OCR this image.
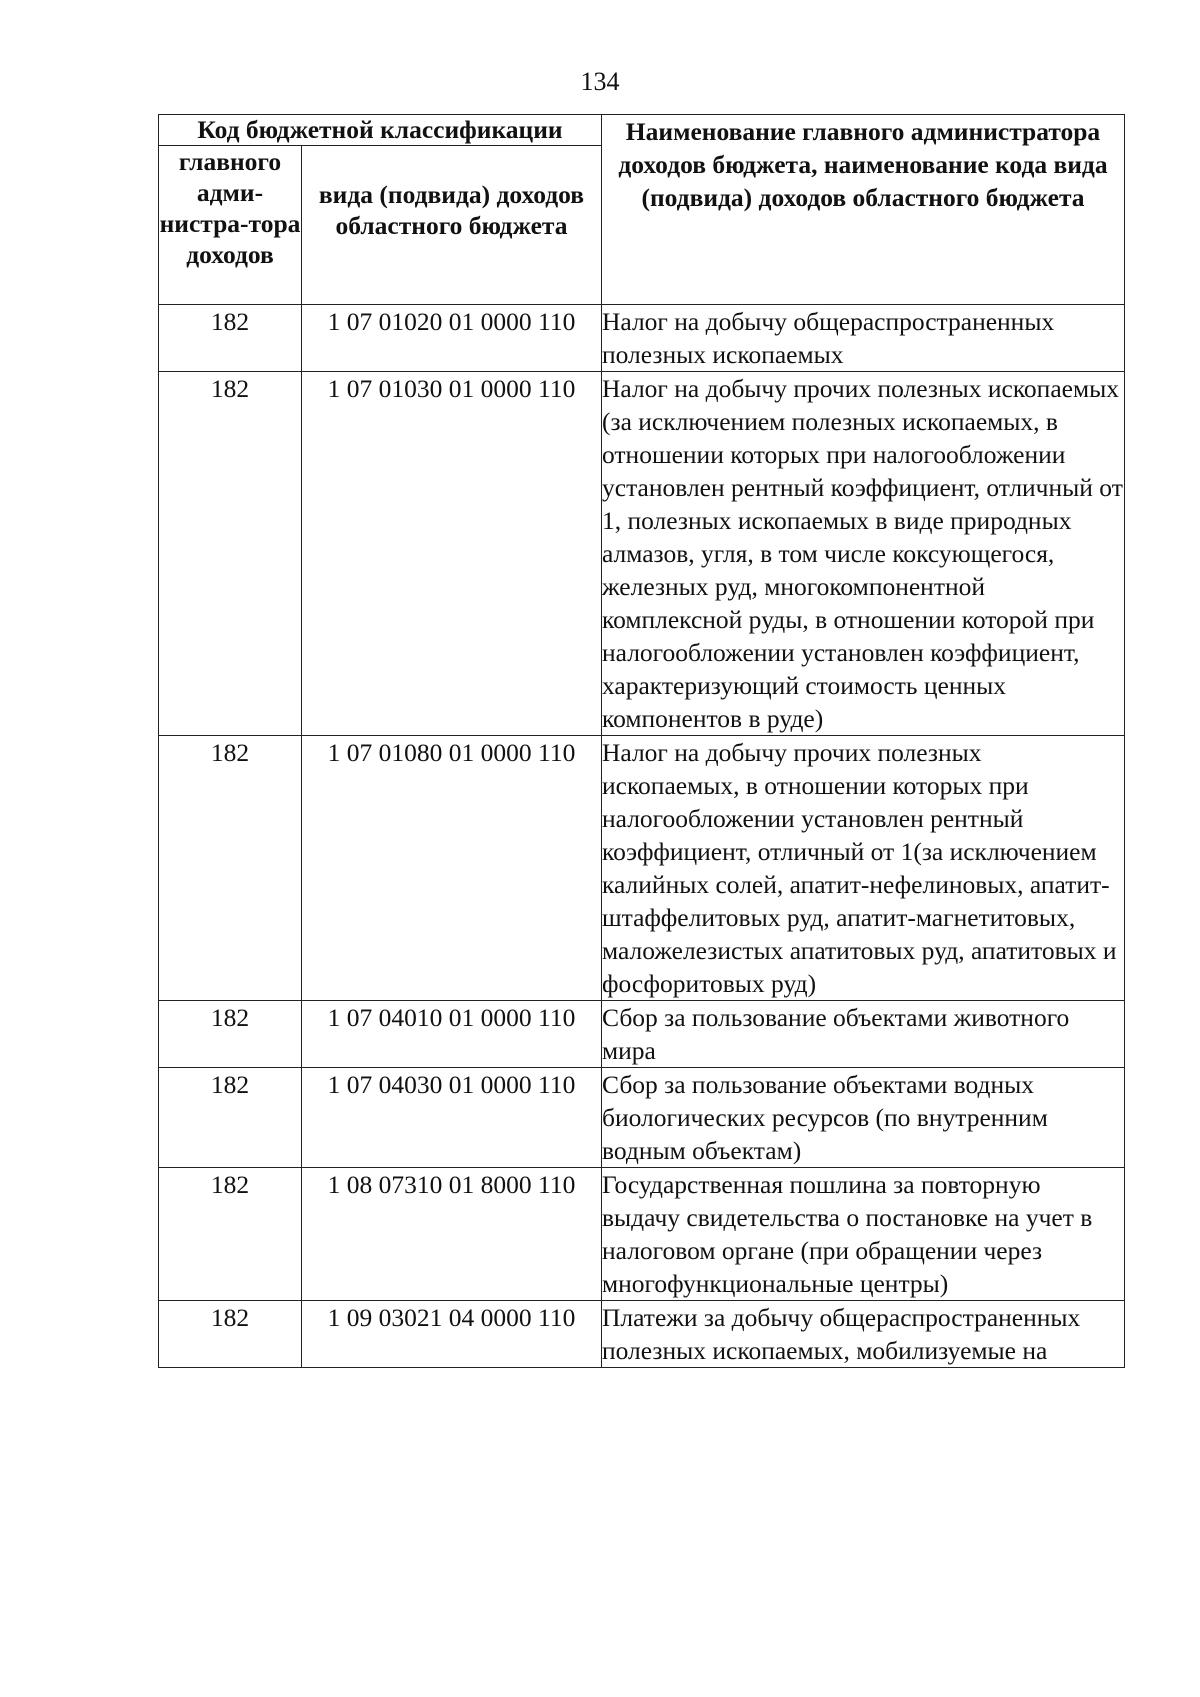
134
Код бюджетной классификации		Наименование главного администратора доходов бюджета, наименование кода вида (подвида) доходов областного бюджета
главного адми-нистра-тора доходов	вида (подвида) доходов областного бюджета	
182	1 07 01020 01 0000 110	Налог на добычу общераспространенных полезных ископаемых
182	1 07 01030 01 0000 110	Налог на добычу прочих полезных ископаемых (за исключением полезных ископаемых, в отношении которых при налогообложении установлен рентный коэффициент, отличный от 1, полезных ископаемых в виде природных алмазов, угля, в том числе коксующегося, железных руд, многокомпонентной комплексной руды, в отношении которой при налогообложении установлен коэффициент, характеризующий стоимость ценных компонентов в руде)
182	1 07 01080 01 0000 110	Налог на добычу прочих полезных ископаемых, в отношении которых при налогообложении установлен рентный коэффициент, отличный от 1(за исключением калийных солей, апатит-нефелиновых, апатит-штаффелитовых руд, апатит-магнетитовых, маложелезистых апатитовых руд, апатитовых и фосфоритовых руд)
182	1 07 04010 01 0000 110	Сбор за пользование объектами животного мира
182	1 07 04030 01 0000 110	Сбор за пользование объектами водных биологических ресурсов (по внутренним водным объектам)
182	1 08 07310 01 8000 110	Государственная пошлина за повторную выдачу свидетельства о постановке на учет в налоговом органе (при обращении через многофункциональные центры)
182	1 09 03021 04 0000 110	Платежи за добычу общераспространенных полезных ископаемых, мобилизуемые на
